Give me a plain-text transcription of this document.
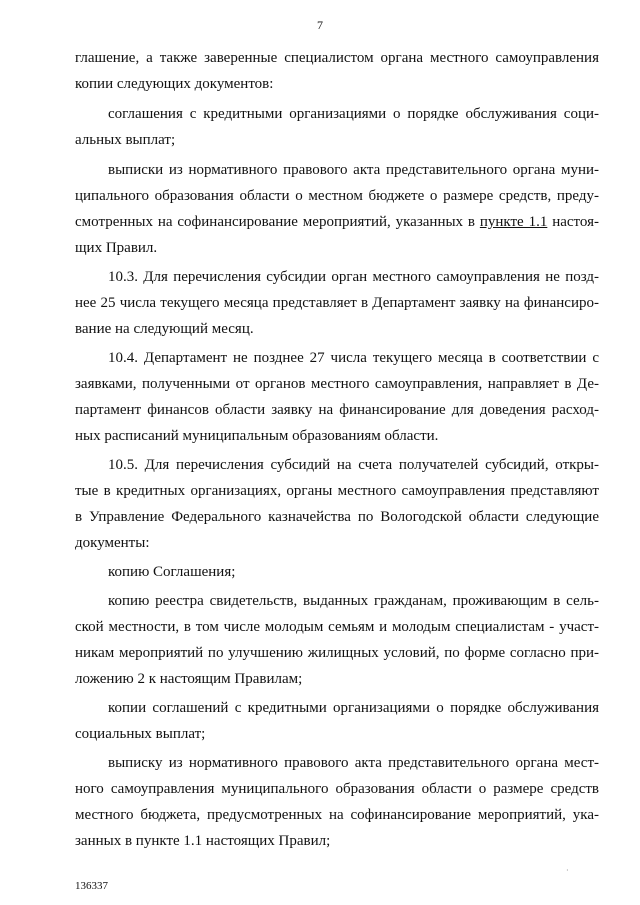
7
глашение, а также заверенные специалистом органа местного самоуправления
копии следующих документов:
соглашения с кредитными организациями о порядке обслуживания соци-
альных выплат;
выписки из нормативного правового акта представительного органа муни-
ципального образования области о местном бюджете о размере средств, преду-
смотренных на софинансирование мероприятий, указанных в пункте 1.1 настоя-
щих Правил.
10.3. Для перечисления субсидии орган местного самоуправления не позд-
нее 25 числа текущего месяца представляет в Департамент заявку на финансиро-
вание на следующий месяц.
10.4. Департамент не позднее 27 числа текущего месяца в соответствии с
заявками, полученными от органов местного самоуправления, направляет в Де-
партамент финансов области заявку на финансирование для доведения расход-
ных расписаний муниципальным образованиям области.
10.5. Для перечисления субсидий на счета получателей субсидий, откры-
тые в кредитных организациях, органы местного самоуправления представляют
в Управление Федерального казначейства по Вологодской области следующие
документы:
копию Соглашения;
копию реестра свидетельств, выданных гражданам, проживающим в сель-
ской местности, в том числе молодым семьям и молодым специалистам - участ-
никам мероприятий по улучшению жилищных условий, по форме согласно при-
ложению 2 к настоящим Правилам;
копии соглашений с кредитными организациями о порядке обслуживания
социальных выплат;
выписку из нормативного правового акта представительного органа мест-
ного самоуправления муниципального образования области о размере средств
местного бюджета, предусмотренных на софинансирование мероприятий, ука-
занных в пункте 1.1 настоящих Правил;
136337
·
